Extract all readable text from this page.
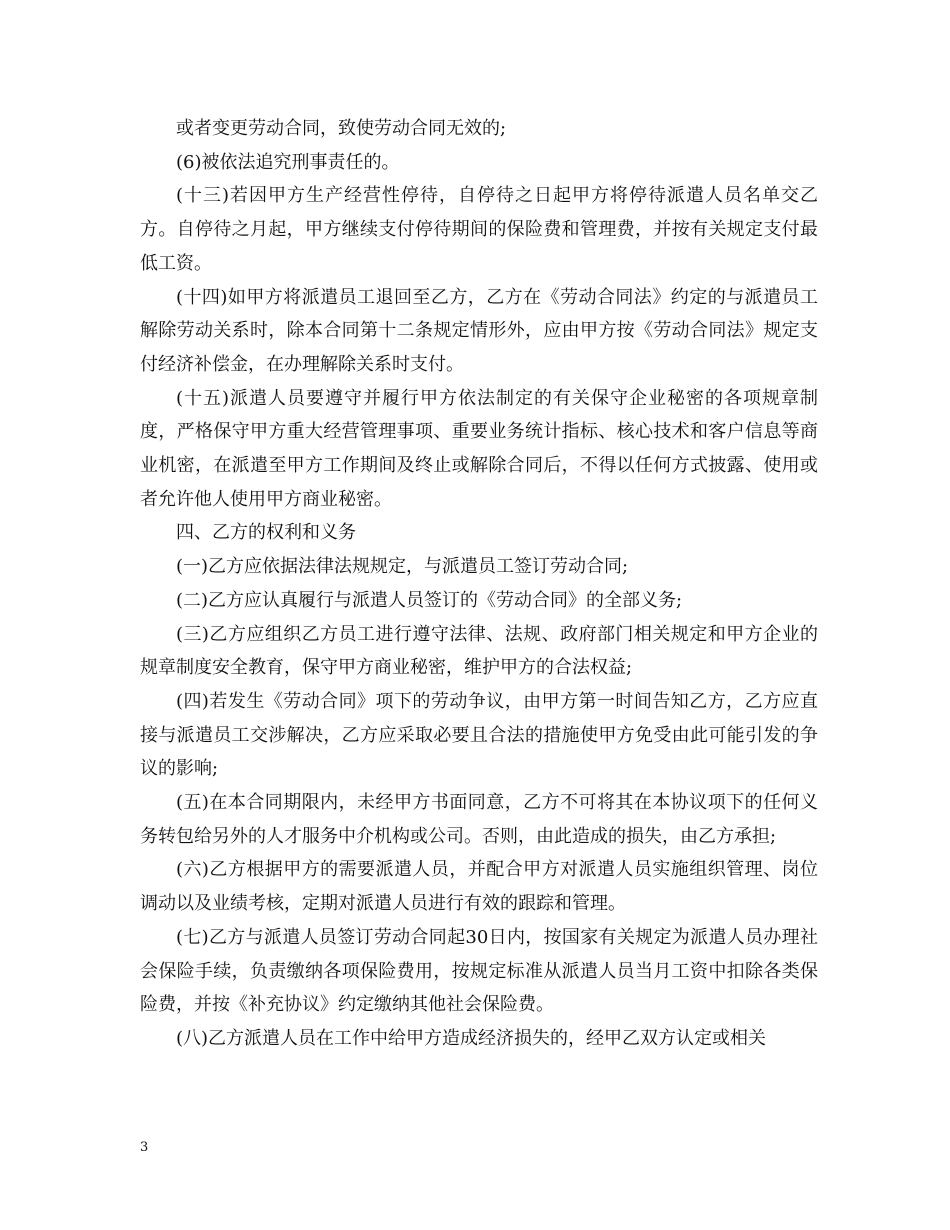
或者变更劳动合同，致使劳动合同无效的;

(6)被依法追究刑事责任的。

(十三)若因甲方生产经营性停待，自停待之日起甲方将停待派遣人员名单交乙方。自停待之月起，甲方继续支付停待期间的保险费和管理费，并按有关规定支付最低工资。

(十四)如甲方将派遣员工退回至乙方，乙方在《劳动合同法》约定的与派遣员工解除劳动关系时，除本合同第十二条规定情形外，应由甲方按《劳动合同法》规定支付经济补偿金，在办理解除关系时支付。

(十五)派遣人员要遵守并履行甲方依法制定的有关保守企业秘密的各项规章制度，严格保守甲方重大经营管理事项、重要业务统计指标、核心技术和客户信息等商业机密，在派遣至甲方工作期间及终止或解除合同后，不得以任何方式披露、使用或者允许他人使用甲方商业秘密。

四、乙方的权利和义务

(一)乙方应依据法律法规规定，与派遣员工签订劳动合同;

(二)乙方应认真履行与派遣人员签订的《劳动合同》的全部义务;

(三)乙方应组织乙方员工进行遵守法律、法规、政府部门相关规定和甲方企业的规章制度安全教育，保守甲方商业秘密，维护甲方的合法权益;

(四)若发生《劳动合同》项下的劳动争议，由甲方第一时间告知乙方，乙方应直接与派遣员工交涉解决，乙方应采取必要且合法的措施使甲方免受由此可能引发的争议的影响;

(五)在本合同期限内，未经甲方书面同意，乙方不可将其在本协议项下的任何义务转包给另外的人才服务中介机构或公司。否则，由此造成的损失，由乙方承担;

(六)乙方根据甲方的需要派遣人员，并配合甲方对派遣人员实施组织管理、岗位调动以及业绩考核，定期对派遣人员进行有效的跟踪和管理。

(七)乙方与派遣人员签订劳动合同起30日内，按国家有关规定为派遣人员办理社会保险手续，负责缴纳各项保险费用，按规定标准从派遣人员当月工资中扣除各类保险费，并按《补充协议》约定缴纳其他社会保险费。

(八)乙方派遣人员在工作中给甲方造成经济损失的，经甲乙双方认定或相关

3
